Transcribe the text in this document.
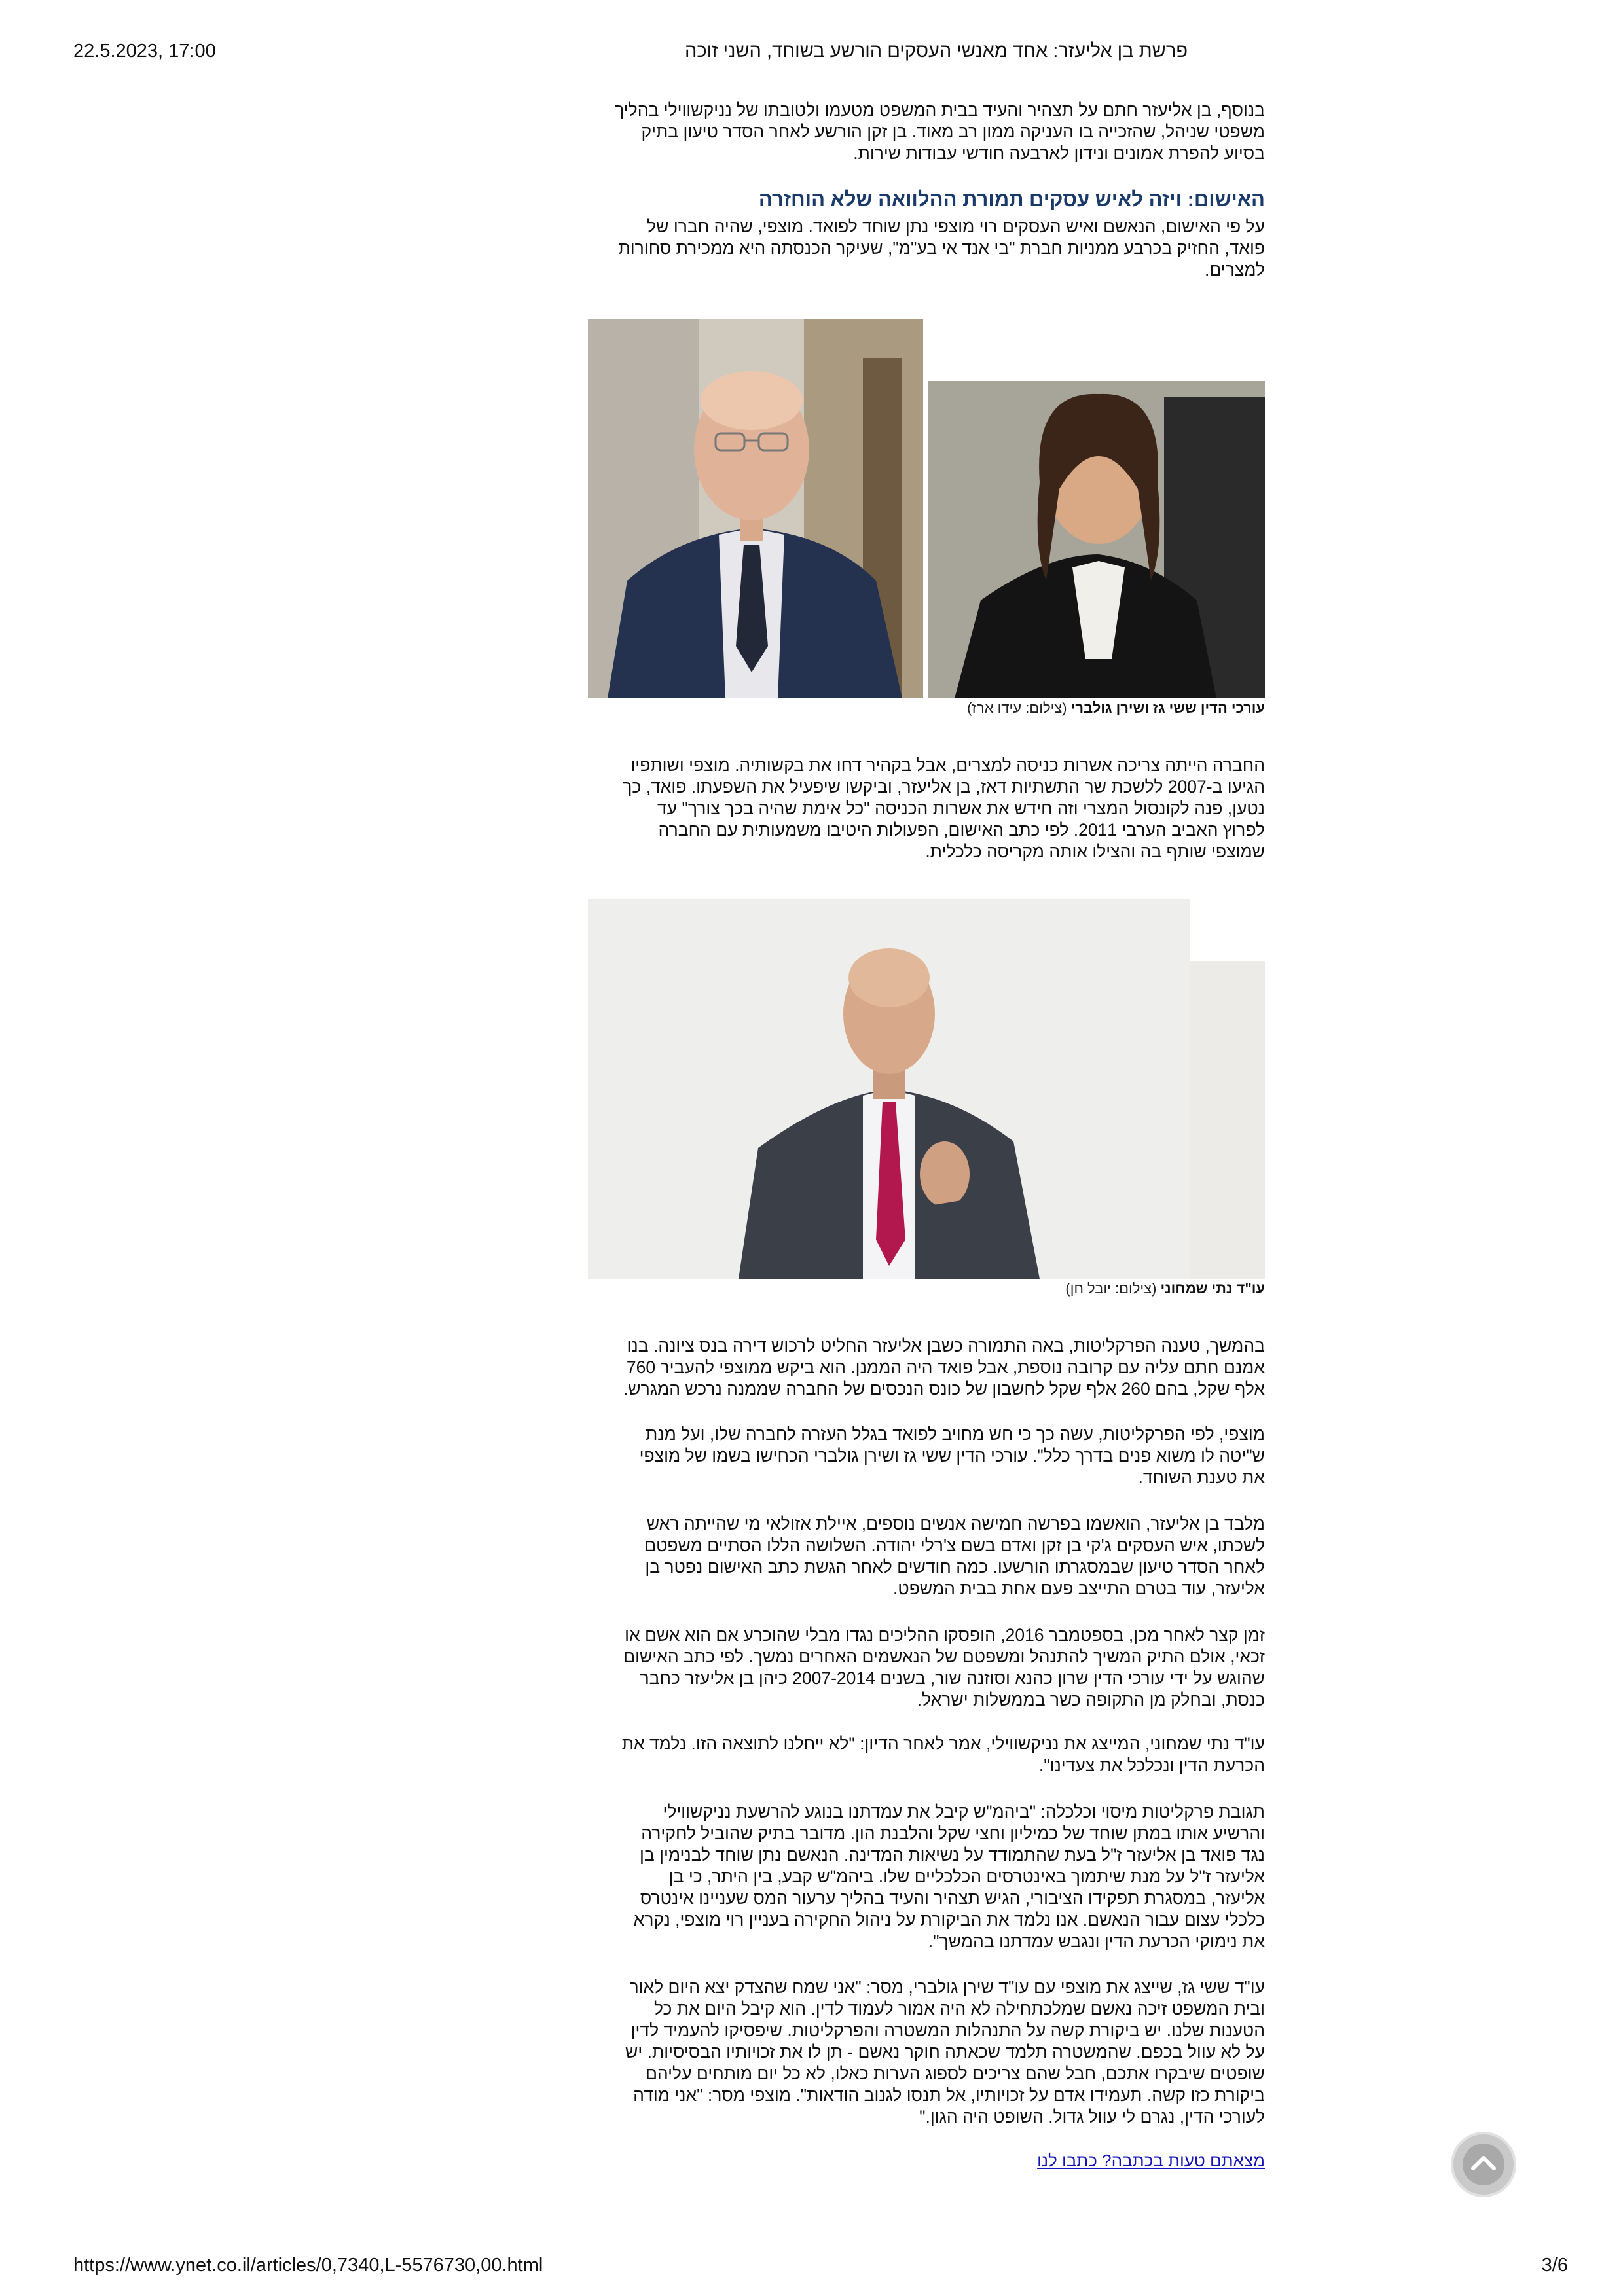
22.5.2023, 17:00	פרשת בן אליעזר: אחד מאנשי העסקים הורשע בשוחד, השני זוכה

בנוסף, בן אליעזר חתם על תצהיר והעיד בבית המשפט מטעמו ולטובתו של נניקשווילי בהליך
משפטי שניהל, שהזכייה בו העניקה ממון רב מאוד. בן זקן הורשע לאחר הסדר טיעון בתיק
בסיוע להפרת אמונים ונידון לארבעה חודשי עבודות שירות.

האישום: ויזה לאיש עסקים תמורת ההלוואה שלא הוחזרה

על פי האישום, הנאשם ואיש העסקים רוי מוצפי נתן שוחד לפואד. מוצפי, שהיה חברו של
פואד, החזיק בכרבע ממניות חברת "בי אנד אי בע"מ", שעיקר הכנסתה היא ממכירת סחורות
למצרים.

עורכי הדין ששי גז ושירן גולברי (צילום: עידו ארז)

החברה הייתה צריכה אשרות כניסה למצרים, אבל בקהיר דחו את בקשותיה. מוצפי ושותפיו
הגיעו ב-2007 ללשכת שר התשתיות דאז, בן אליעזר, וביקשו שיפעיל את השפעתו. פואד, כך
נטען, פנה לקונסול המצרי וזה חידש את אשרות הכניסה "כל אימת שהיה בכך צורך" עד
לפרוץ האביב הערבי 2011. לפי כתב האישום, הפעולות היטיבו משמעותית עם החברה
שמוצפי שותף בה והצילו אותה מקריסה כלכלית.

עו"ד נתי שמחוני (צילום: יובל חן)

בהמשך, טענה הפרקליטות, באה התמורה כשבן אליעזר החליט לרכוש דירה בנס ציונה. בנו
אמנם חתם עליה עם קרובה נוספת, אבל פואד היה הממנן. הוא ביקש ממוצפי להעביר 760
אלף שקל, בהם 260 אלף שקל לחשבון של כונס הנכסים של החברה שממנה נרכש המגרש.

מוצפי, לפי הפרקליטות, עשה כך כי חש מחויב לפואד בגלל העזרה לחברה שלו, ועל מנת
ש"יטה לו משוא פנים בדרך כלל". עורכי הדין ששי גז ושירן גולברי הכחישו בשמו של מוצפי
את טענת השוחד.

מלבד בן אליעזר, הואשמו בפרשה חמישה אנשים נוספים, איילת אזולאי מי שהייתה ראש
לשכתו, איש העסקים ג'קי בן זקן ואדם בשם צ'רלי יהודה. השלושה הללו הסתיים משפטם
לאחר הסדר טיעון שבמסגרתו הורשעו. כמה חודשים לאחר הגשת כתב האישום נפטר בן
אליעזר, עוד בטרם התייצב פעם אחת בבית המשפט.

זמן קצר לאחר מכן, בספטמבר 2016, הופסקו ההליכים נגדו מבלי שהוכרע אם הוא אשם או
זכאי, אולם התיק המשיך להתנהל ומשפטם של הנאשמים האחרים נמשך. לפי כתב האישום
שהוגש על ידי עורכי הדין שרון כהנא וסוזנה שור, בשנים 2007-2014 כיהן בן אליעזר כחבר
כנסת, ובחלק מן התקופה כשר בממשלות ישראל.

עו"ד נתי שמחוני, המייצג את נניקשווילי, אמר לאחר הדיון: "לא ייחלנו לתוצאה הזו. נלמד את
הכרעת הדין ונכלכל את צעדינו".

תגובת פרקליטות מיסוי וכלכלה: "ביהמ"ש קיבל את עמדתנו בנוגע להרשעת נניקשווילי
והרשיע אותו במתן שוחד של כמיליון וחצי שקל והלבנת הון. מדובר בתיק שהוביל לחקירה
נגד פואד בן אליעזר ז"ל בעת שהתמודד על נשיאות המדינה. הנאשם נתן שוחד לבנימין בן
אליעזר ז"ל על מנת שיתמוך באינטרסים הכלכליים שלו. ביהמ"ש קבע, בין היתר, כי בן
אליעזר, במסגרת תפקידו הציבורי, הגיש תצהיר והעיד בהליך ערעור המס שעניינו אינטרס
כלכלי עצום עבור הנאשם. אנו נלמד את הביקורת על ניהול החקירה בעניין רוי מוצפי, נקרא
את נימוקי הכרעת הדין ונגבש עמדתנו בהמשך".

עו"ד ששי גז, שייצג את מוצפי עם עו"ד שירן גולברי, מסר: "אני שמח שהצדק יצא היום לאור
ובית המשפט זיכה נאשם שמלכתחילה לא היה אמור לעמוד לדין. הוא קיבל היום את כל
הטענות שלנו. יש ביקורת קשה על התנהלות המשטרה והפרקליטות. שיפסיקו להעמיד לדין
על לא עוול בכפם. שהמשטרה תלמד שכאתה חוקר נאשם - תן לו את זכויותיו הבסיסיות. יש
שופטים שיבקרו אתכם, חבל שהם צריכים לספוג הערות כאלו, לא כל יום מותחים עליהם
ביקורת כזו קשה. תעמידו אדם על זכויותיו, אל תנסו לגנוב הודאות". מוצפי מסר: "אני מודה
לעורכי הדין, נגרם לי עוול גדול. השופט היה הגון."

מצאתם טעות בכתבה? כתבו לנו
https://www.ynet.co.il/articles/0,7340,L-5576730,00.html	3/6
